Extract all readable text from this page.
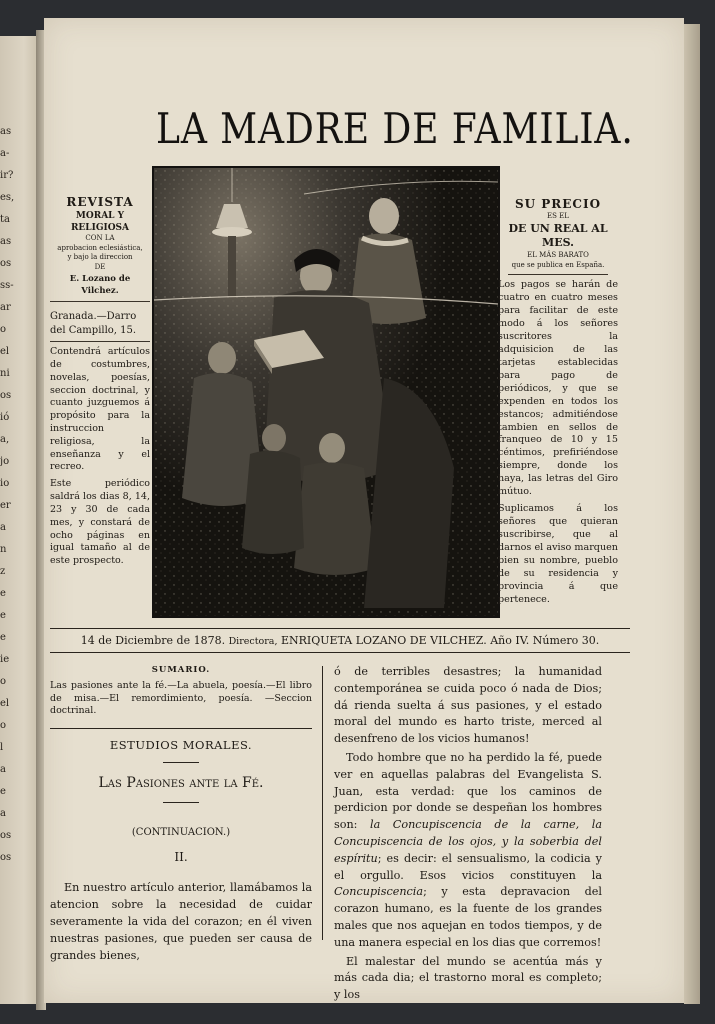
as
a-
ir?
es,
ta
as
os
ss-
ar
o
el
ni
os
ió
a,
jo
io
er
a
n
z
e
e
e
ie
o
el
o
l
a
e
a
os
os
LA MADRE DE FAMILIA.
REVISTA
MORAL Y RELIGIOSA
CON LA
aprobacion eclesiástica,
y bajo la direccion
DE
E. Lozano de Vilchez.
Granada.—Darro del Campillo, 15.
Contendrá artículos de costumbres, novelas, poesías, seccion doctrinal, y cuanto juzguemos á propósito para la instruccion religiosa, la enseñanza y el recreo.
Este periódico saldrá los dias 8, 14, 23 y 30 de cada mes, y constará de ocho páginas en igual tamaño al de este prospecto.
SU PRECIO
ES EL
DE UN REAL AL MES.
EL MÁS BARATO
que se publica en España.
Los pagos se harán de cuatro en cuatro meses para facilitar de este modo á los señores suscritores la adquisicion de las tarjetas establecidas para pago de periódicos, y que se expenden en todos los estancos; admitiéndose tambien en sellos de franqueo de 10 y 15 céntimos, prefiriéndose siempre, donde los haya, las letras del Giro mútuo.
Suplicamos á los señores que quieran suscribirse, que al darnos el aviso marquen bien su nombre, pueblo de su residencia y provincia á que pertenece.
14 de Diciembre de 1878. Directora, ENRIQUETA LOZANO DE VILCHEZ. Año IV. Número 30.
SUMARIO.
Las pasiones ante la fé.—La abuela, poesía.—El libro de misa.—El remordimiento, poesía. —Seccion doctrinal.
ESTUDIOS MORALES.
Las Pasiones ante la Fé.
(CONTINUACION.)
II.
En nuestro artículo anterior, llamábamos la atencion sobre la necesidad de cuidar severamente la vida del corazon; en él viven nuestras pasiones, que pueden ser causa de grandes bienes,

ó de terribles desastres; la humanidad contemporánea se cuida poco ó nada de Dios; dá rienda suelta á sus pasiones, y el estado moral del mundo es harto triste, merced al desenfreno de los vicios humanos!

Todo hombre que no ha perdido la fé, puede ver en aquellas palabras del Evangelista S. Juan, esta verdad: que los caminos de perdicion por donde se despeñan los hombres son: la Concupiscencia de la carne, la Concupiscencia de los ojos, y la soberbia del espíritu; es decir: el sensualismo, la codicia y el orgullo. Esos vicios constituyen la Concupiscencia; y esta depravacion del corazon humano, es la fuente de los grandes males que nos aquejan en todos tiempos, y de una manera especial en los dias que corremos!

El malestar del mundo se acentúa más y más cada dia; el trastorno moral es completo; y los
